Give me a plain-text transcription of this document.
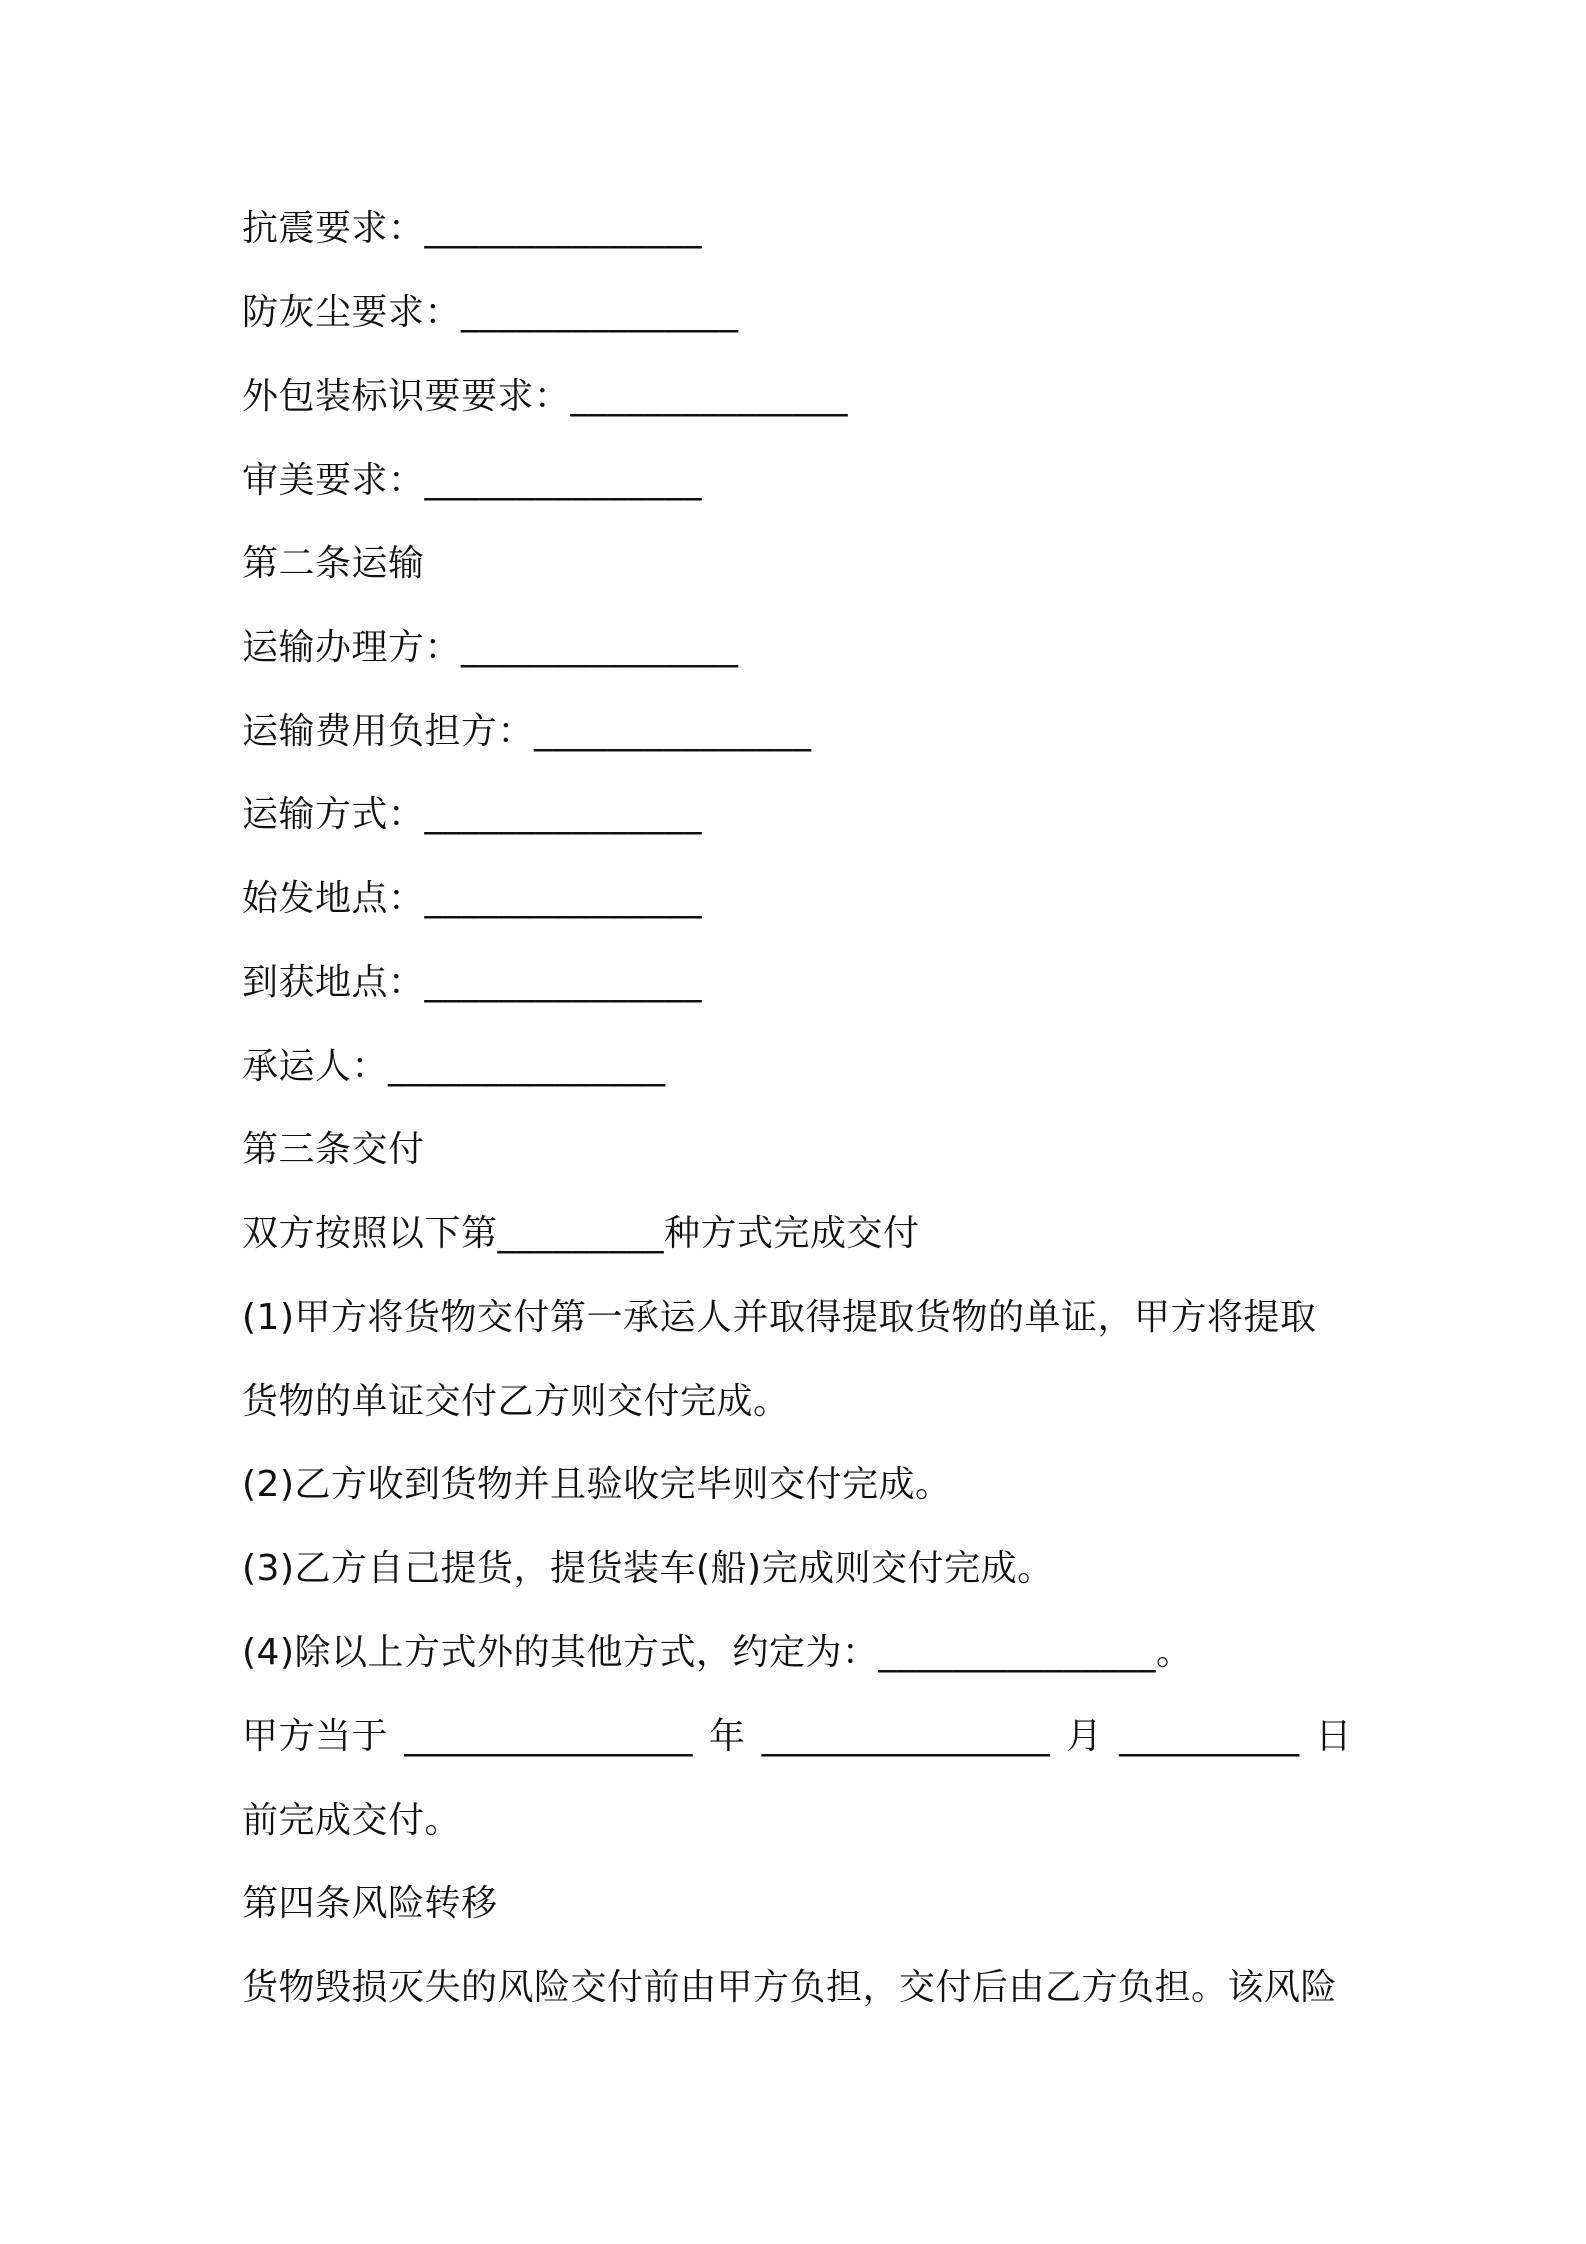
抗震要求：_______________
防灰尘要求：_______________
外包装标识要要求：_______________
审美要求：_______________
第二条运输
运输办理方：_______________
运输费用负担方：_______________
运输方式：_______________
始发地点：_______________
到获地点：_______________
承运人：_______________
第三条交付
双方按照以下第_________种方式完成交付
(1)甲方将货物交付第一承运人并取得提取货物的单证，甲方将提取
货物的单证交付乙方则交付完成。
(2)乙方收到货物并且验收完毕则交付完成。
(3)乙方自己提货，提货装车(船)完成则交付完成。
(4)除以上方式外的其他方式，约定为：_______________。
甲方当于 ________________ 年 ________________ 月 __________ 日
前完成交付。
第四条风险转移
货物毁损灭失的风险交付前由甲方负担，交付后由乙方负担。该风险
